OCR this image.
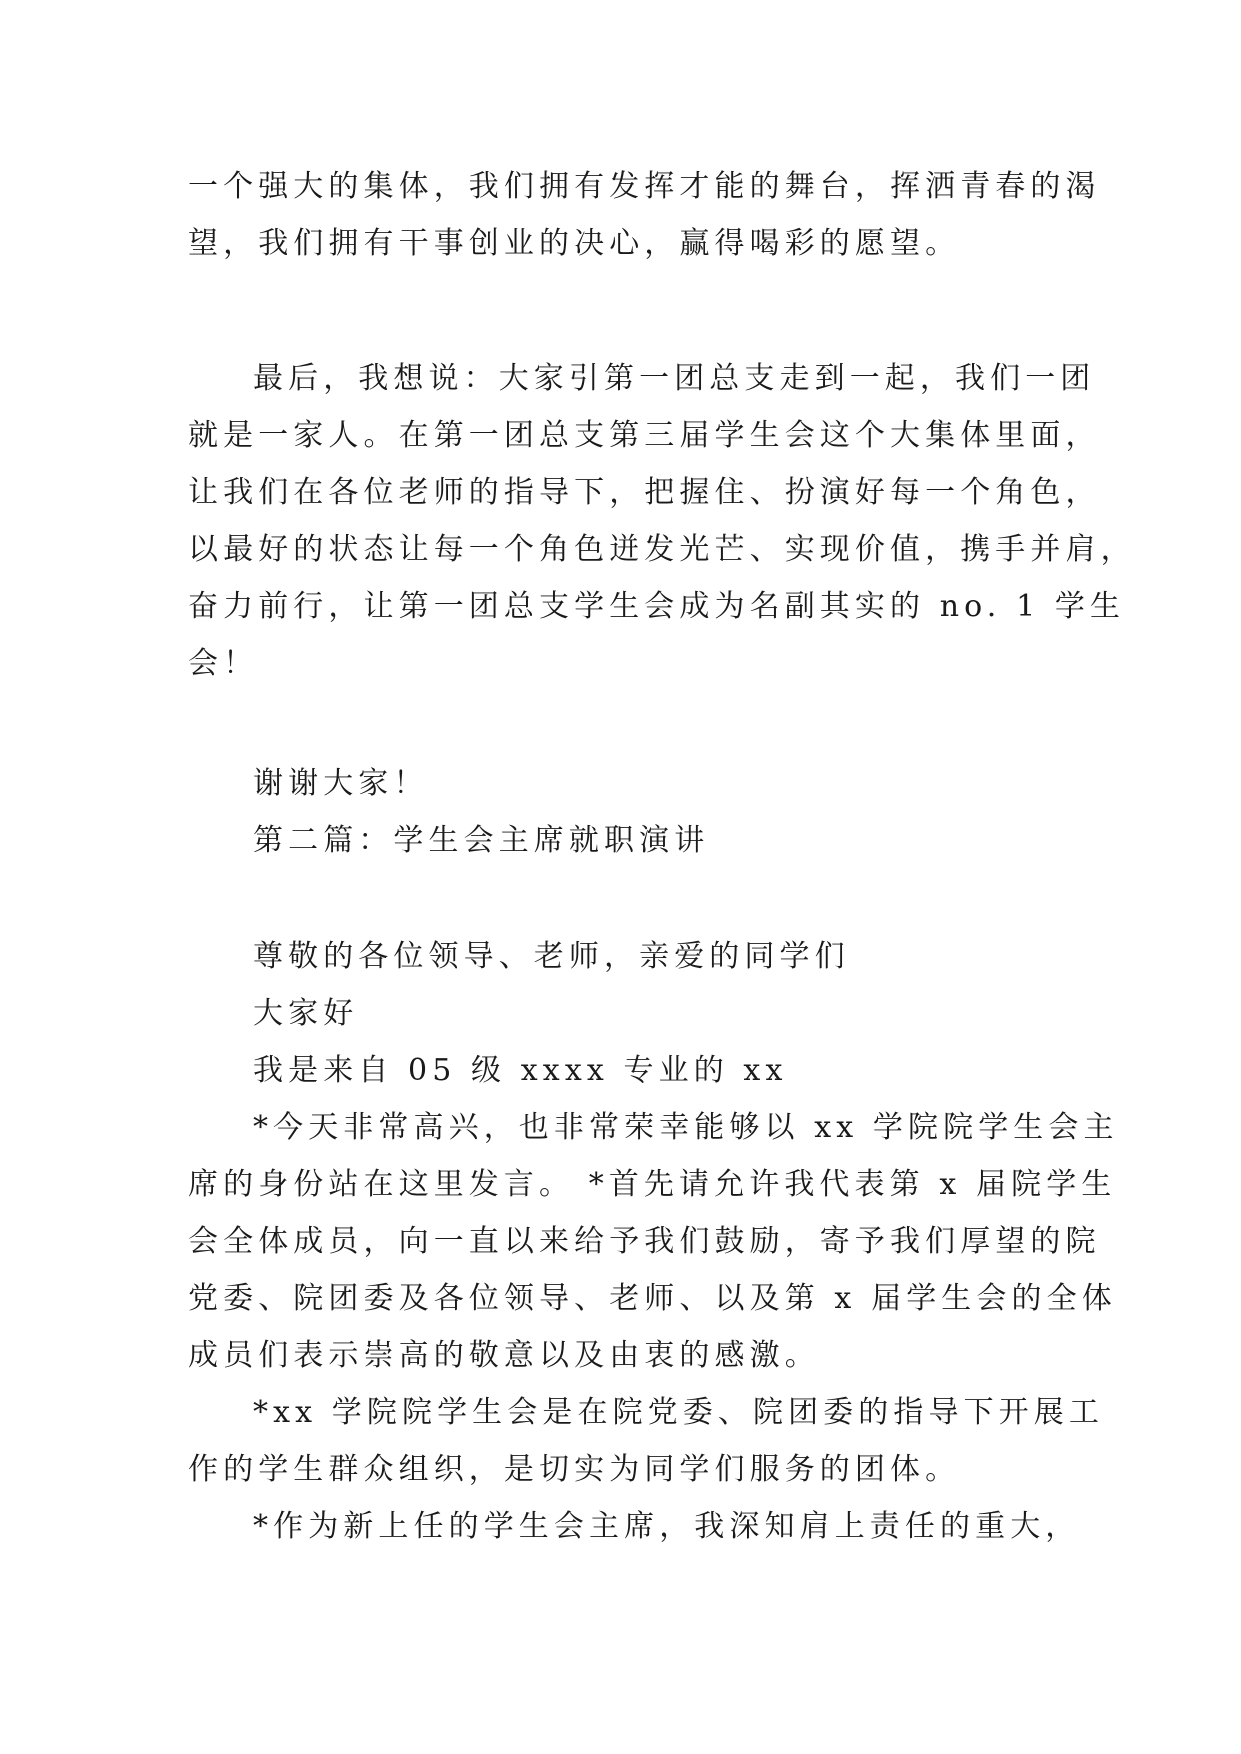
一个强大的集体，我们拥有发挥才能的舞台，挥洒青春的渴
望，我们拥有干事创业的决心，赢得喝彩的愿望。
最后，我想说：大家引第一团总支走到一起，我们一团
就是一家人。在第一团总支第三届学生会这个大集体里面，
让我们在各位老师的指导下，把握住、扮演好每一个角色，
以最好的状态让每一个角色迸发光芒、实现价值，携手并肩，
奋力前行，让第一团总支学生会成为名副其实的 no. 1 学生
会！
谢谢大家！
第二篇：学生会主席就职演讲
尊敬的各位领导、老师，亲爱的同学们
大家好
我是来自 05 级 xxxx 专业的 xx
*今天非常高兴，也非常荣幸能够以 xx 学院院学生会主
席的身份站在这里发言。 *首先请允许我代表第 x 届院学生
会全体成员，向一直以来给予我们鼓励，寄予我们厚望的院
党委、院团委及各位领导、老师、以及第 x 届学生会的全体
成员们表示崇高的敬意以及由衷的感激。
*xx 学院院学生会是在院党委、院团委的指导下开展工
作的学生群众组织，是切实为同学们服务的团体。
*作为新上任的学生会主席，我深知肩上责任的重大，
